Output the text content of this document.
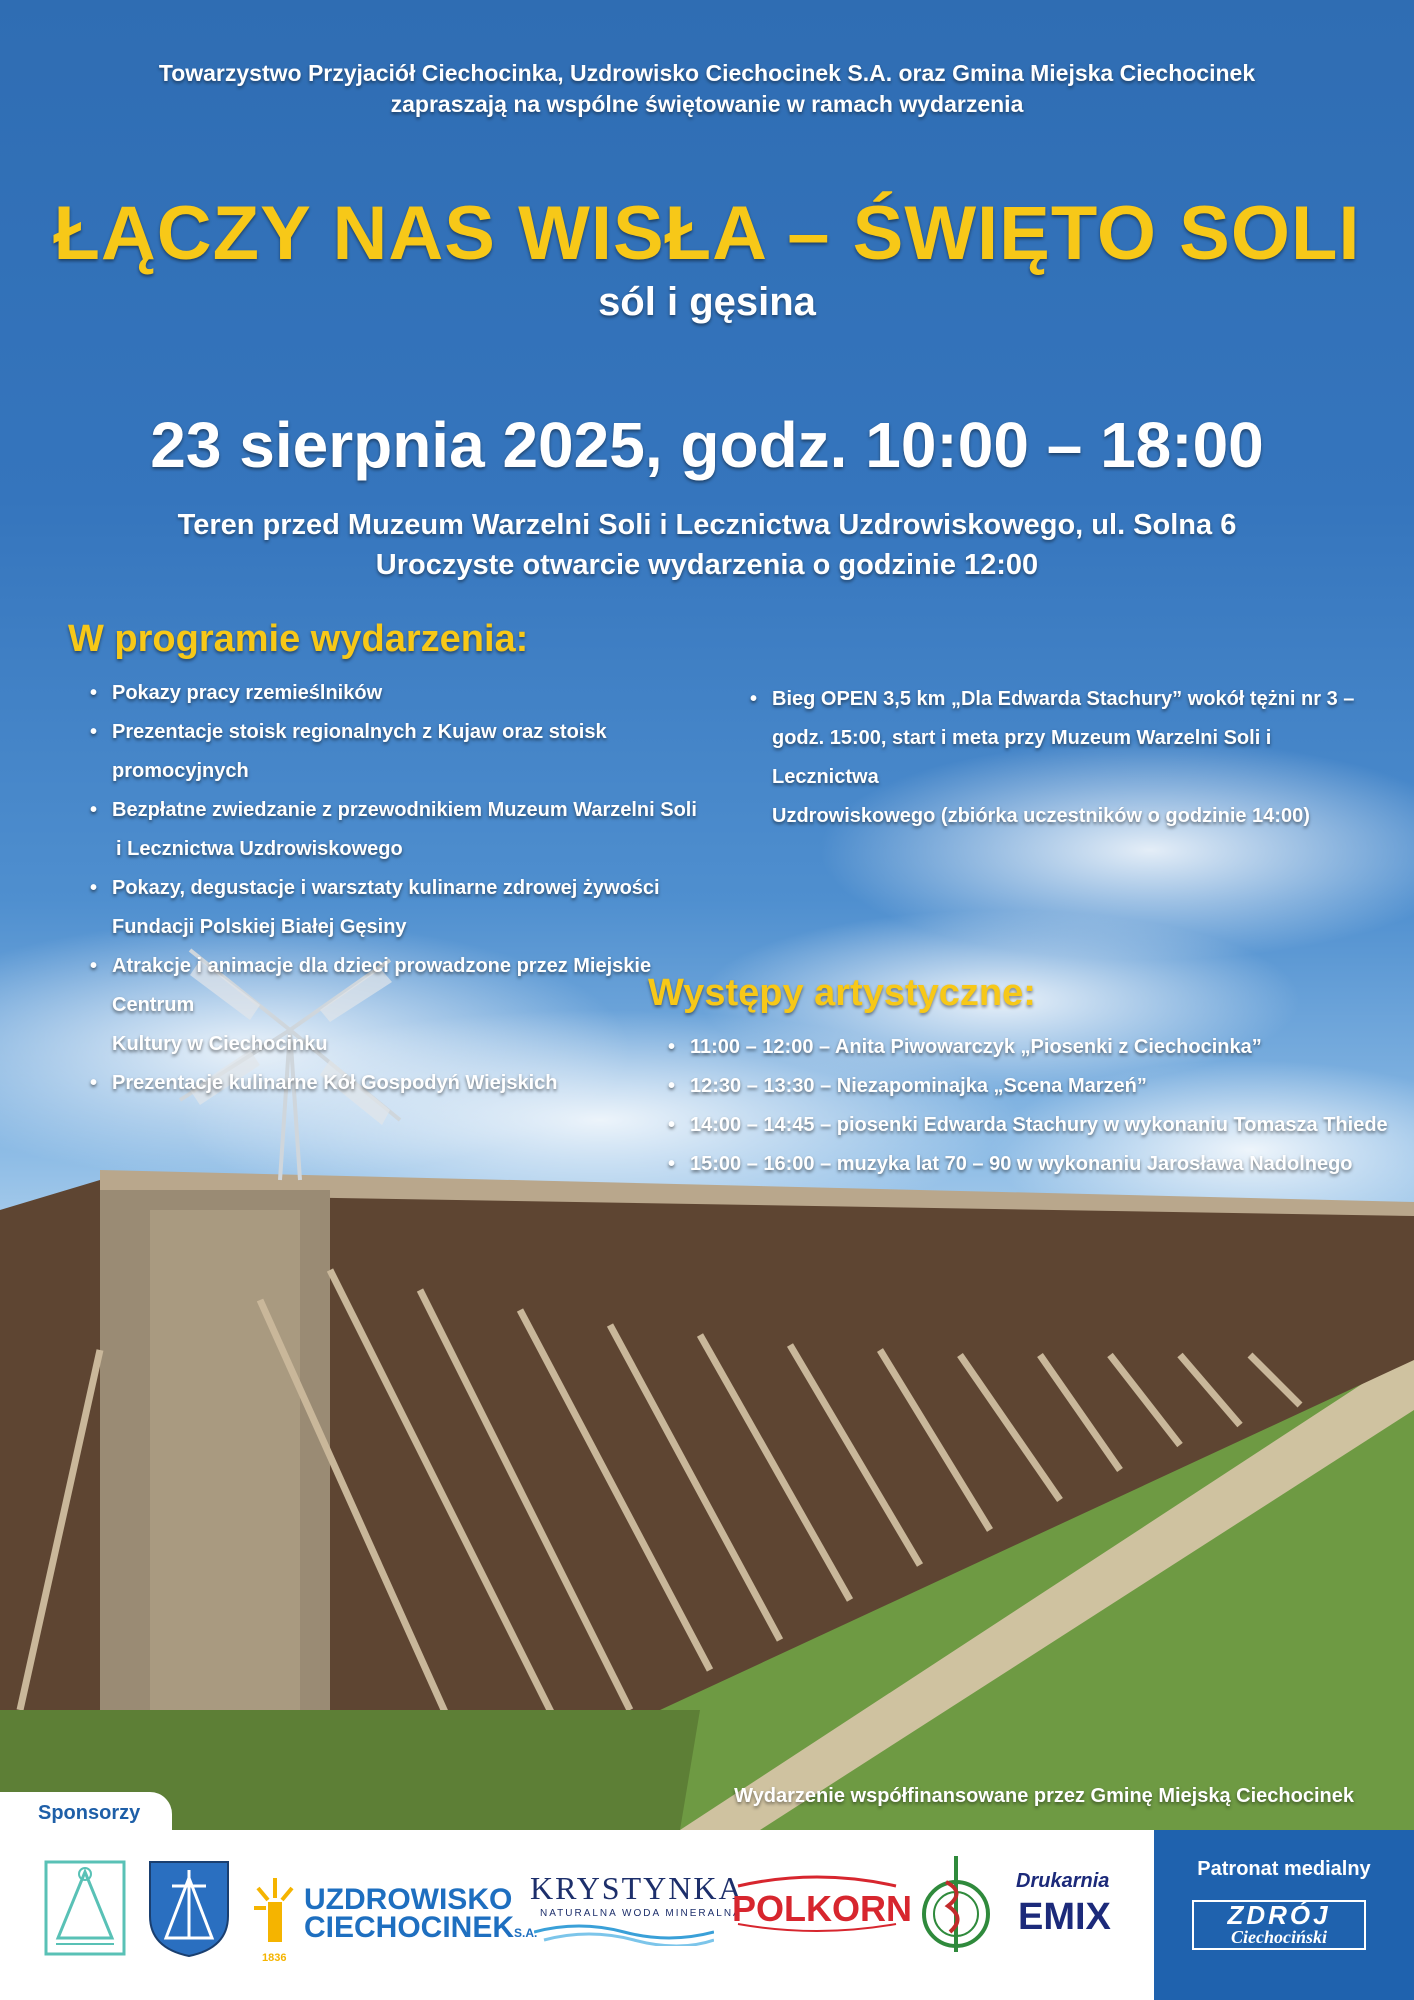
Towarzystwo Przyjaciół Ciechocinka, Uzdrowisko Ciechocinek S.A. oraz Gmina Miejska Ciechocinek
zapraszają na wspólne świętowanie w ramach wydarzenia
ŁĄCZY NAS WISŁA – ŚWIĘTO SOLI
sól i gęsina
23 sierpnia 2025, godz. 10:00 – 18:00
Teren przed Muzeum Warzelni Soli i Lecznictwa Uzdrowiskowego, ul. Solna 6
Uroczyste otwarcie wydarzenia o godzinie 12:00
W programie wydarzenia:
• Pokazy pracy rzemieślników
• Prezentacje stoisk regionalnych z Kujaw oraz stoisk promocyjnych
• Bezpłatne zwiedzanie z przewodnikiem Muzeum Warzelni Soli
i Lecznictwa Uzdrowiskowego
• Pokazy, degustacje i warsztaty kulinarne zdrowej żywości
Fundacji Polskiej Białej Gęsiny
• Atrakcje i animacje dla dzieci prowadzone przez Miejskie Centrum
Kultury w Ciechocinku
• Prezentacje kulinarne Kół Gospodyń Wiejskich
• Bieg OPEN 3,5 km „Dla Edwarda Stachury” wokół tężni nr 3 –
godz. 15:00, start i meta przy Muzeum Warzelni Soli i Lecznictwa
Uzdrowiskowego (zbiórka uczestników o godzinie 14:00)
Występy artystyczne:
• 11:00 – 12:00 – Anita Piwowarczyk „Piosenki z Ciechocinka”
• 12:30 – 13:30 – Niezapominajka „Scena Marzeń”
• 14:00 – 14:45 – piosenki Edwarda Stachury w wykonaniu Tomasza Thiede
• 15:00 – 16:00 – muzyka lat 70 – 90 w wykonaniu Jarosława Nadolnego
Wydarzenie współfinansowane przez Gminę Miejską Ciechocinek
Sponsorzy
UZDROWISKO
CIECHOCINEKS.A.
1836
KRYSTYNKA
NATURALNA WODA MINERALNA
POLKORN
Drukarnia
EMIX
Patronat medialny
ZDRÓJ
Ciechociński
